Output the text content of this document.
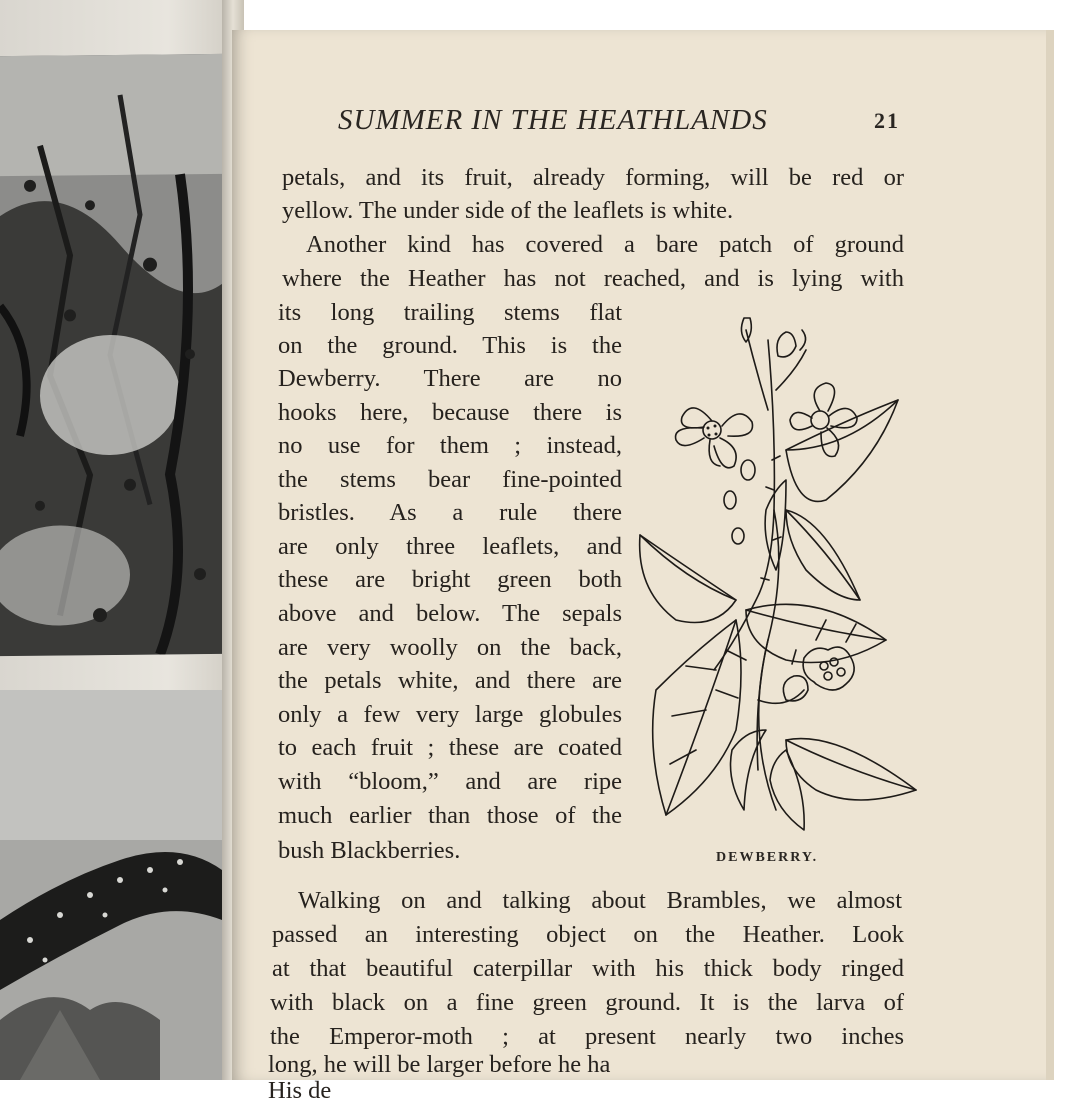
SUMMER IN THE HEATHLANDS	21
petals, and its fruit, already forming, will be red or
yellow. The under side of the leaflets is white.
Another kind has covered a bare patch of ground
where the Heather has not reached, and is lying with
its long trailing stems flat
on the ground. This is the
Dewberry. There are no
hooks here, because there is
no use for them ; instead,
the stems bear fine-pointed
bristles. As a rule there
are only three leaflets, and
these are bright green both
above and below. The sepals
are very woolly on the back,
the petals white, and there are
only a few very large globules
to each fruit ; these are coated
with “bloom,” and are ripe
much earlier than those of the
bush Blackberries.
Walking on and talking about Brambles, we almost
passed an interesting object on the Heather. Look
at that beautiful caterpillar with his thick body ringed
with black on a fine green ground. It is the larva of
the Emperor-moth ; at present nearly two inches
long, he will be larger before he ha
His de
DEWBERRY.
